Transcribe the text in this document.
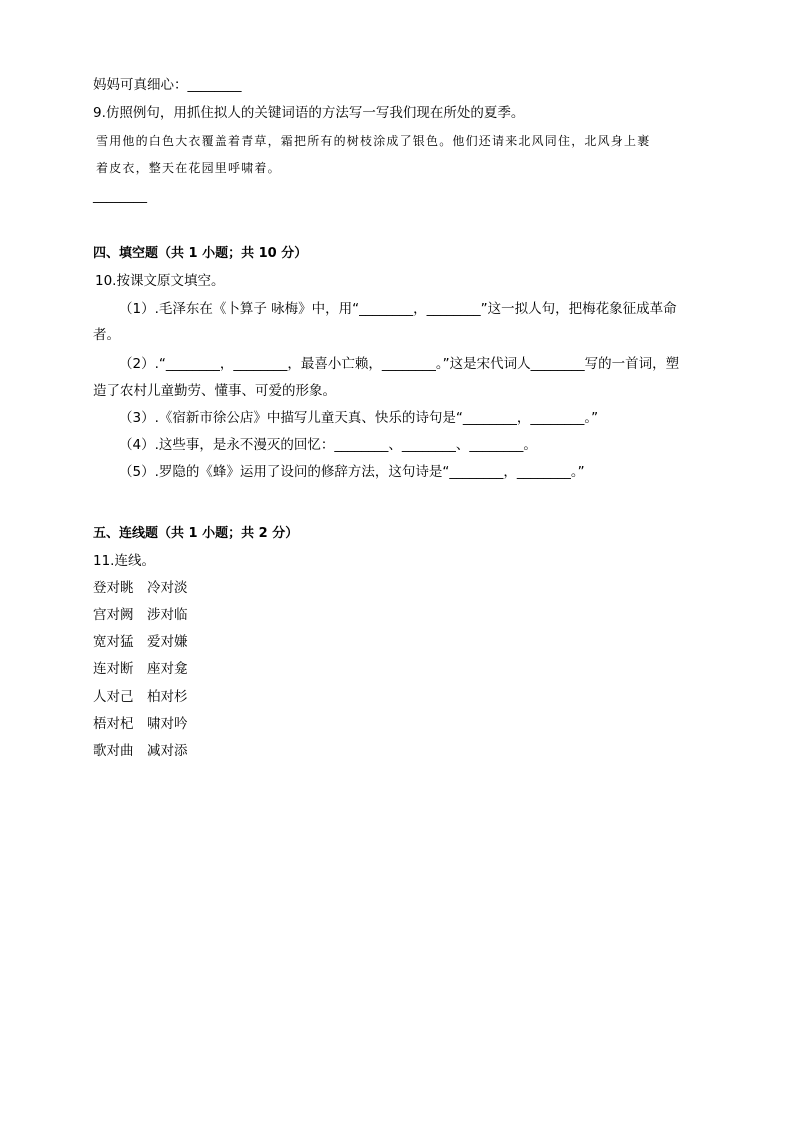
妈妈可真细心：________
9.仿照例句，用抓住拟人的关键词语的方法写一写我们现在所处的夏季。
雪用他的白色大衣覆盖着青草，霜把所有的树枝涂成了银色。他们还请来北风同住，北风身上裹
着皮衣，整天在花园里呼啸着。
________
四、填空题（共 1 小题；共 10 分）
10.按课文原文填空。
（1）.毛泽东在《卜算子 咏梅》中，用“________，________”这一拟人句，把梅花象征成革命
者。
（2）.“________，________，最喜小亡赖，________。”这是宋代词人________写的一首词，塑
造了农村儿童勤劳、懂事、可爱的形象。
（3）.《宿新市徐公店》中描写儿童天真、快乐的诗句是“________，________。”
（4）.这些事，是永不漫灭的回忆：________、________、________。
（5）.罗隐的《蜂》运用了设问的修辞方法，这句诗是“________，________。”
五、连线题（共 1 小题；共 2 分）
11.连线。
登对眺　冷对淡
宫对阙　涉对临
宽对猛　爱对嫌
连对断　座对龛
人对己　柏对杉
梧对杞　啸对吟
歌对曲　减对添
